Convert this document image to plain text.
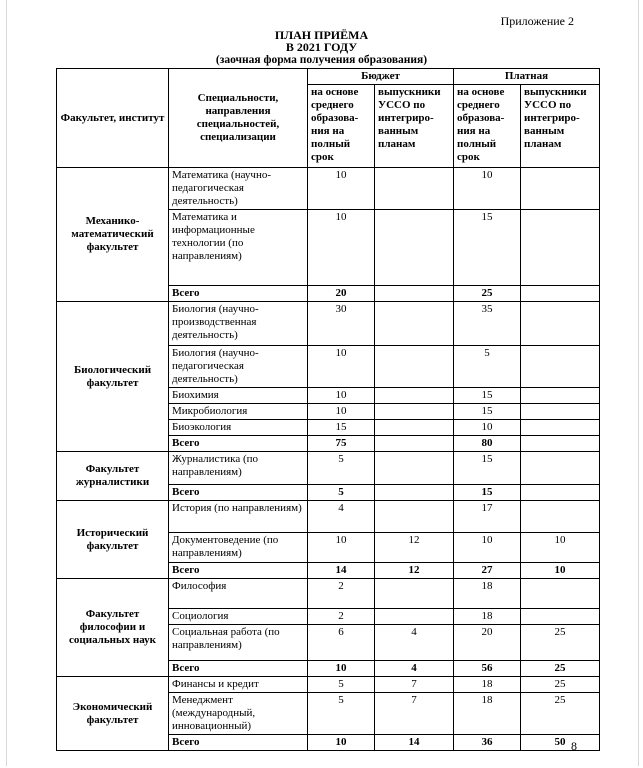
Приложение 2
ПЛАН ПРИЁМА
В 2021 ГОДУ
(заочная форма получения образования)
Факультет, институт	Специальности, направления специальностей, специализации	Бюджет		Платная	
		на основе среднего образова-ния на полный срок	выпускники УССО по интегриро-ванным планам	на основе среднего образова-ния на полный срок	выпускники УССО по интегриро-ванным планам
Механико-математический факультет	Математика (научно-педагогическая деятельность)	10		10	
	Математика и информационные технологии (по направлениям)	10		15	
	Всего	20		25	
Биологический факультет	Биология (научно-производственная деятельность)	30		35	
	Биология (научно-педагогическая деятельность)	10		5	
	Биохимия	10		15	
	Микробиология	10		15	
	Биоэкология	15		10	
	Всего	75		80	
Факультет журналистики	Журналистика (по направлениям)	5		15	
	Всего	5		15	
Исторический факультет	История (по направлениям)	4		17	
	Документоведение (по направлениям)	10	12	10	10
	Всего	14	12	27	10
Факультет философии и социальных наук	Философия	2		18	
	Социология	2		18	
	Социальная работа (по направлениям)	6	4	20	25
	Всего	10	4	56	25
Экономический факультет	Финансы и кредит	5	7	18	25
	Менеджмент (международный, инновационный)	5	7	18	25
	Всего	10	14	36	50 8
